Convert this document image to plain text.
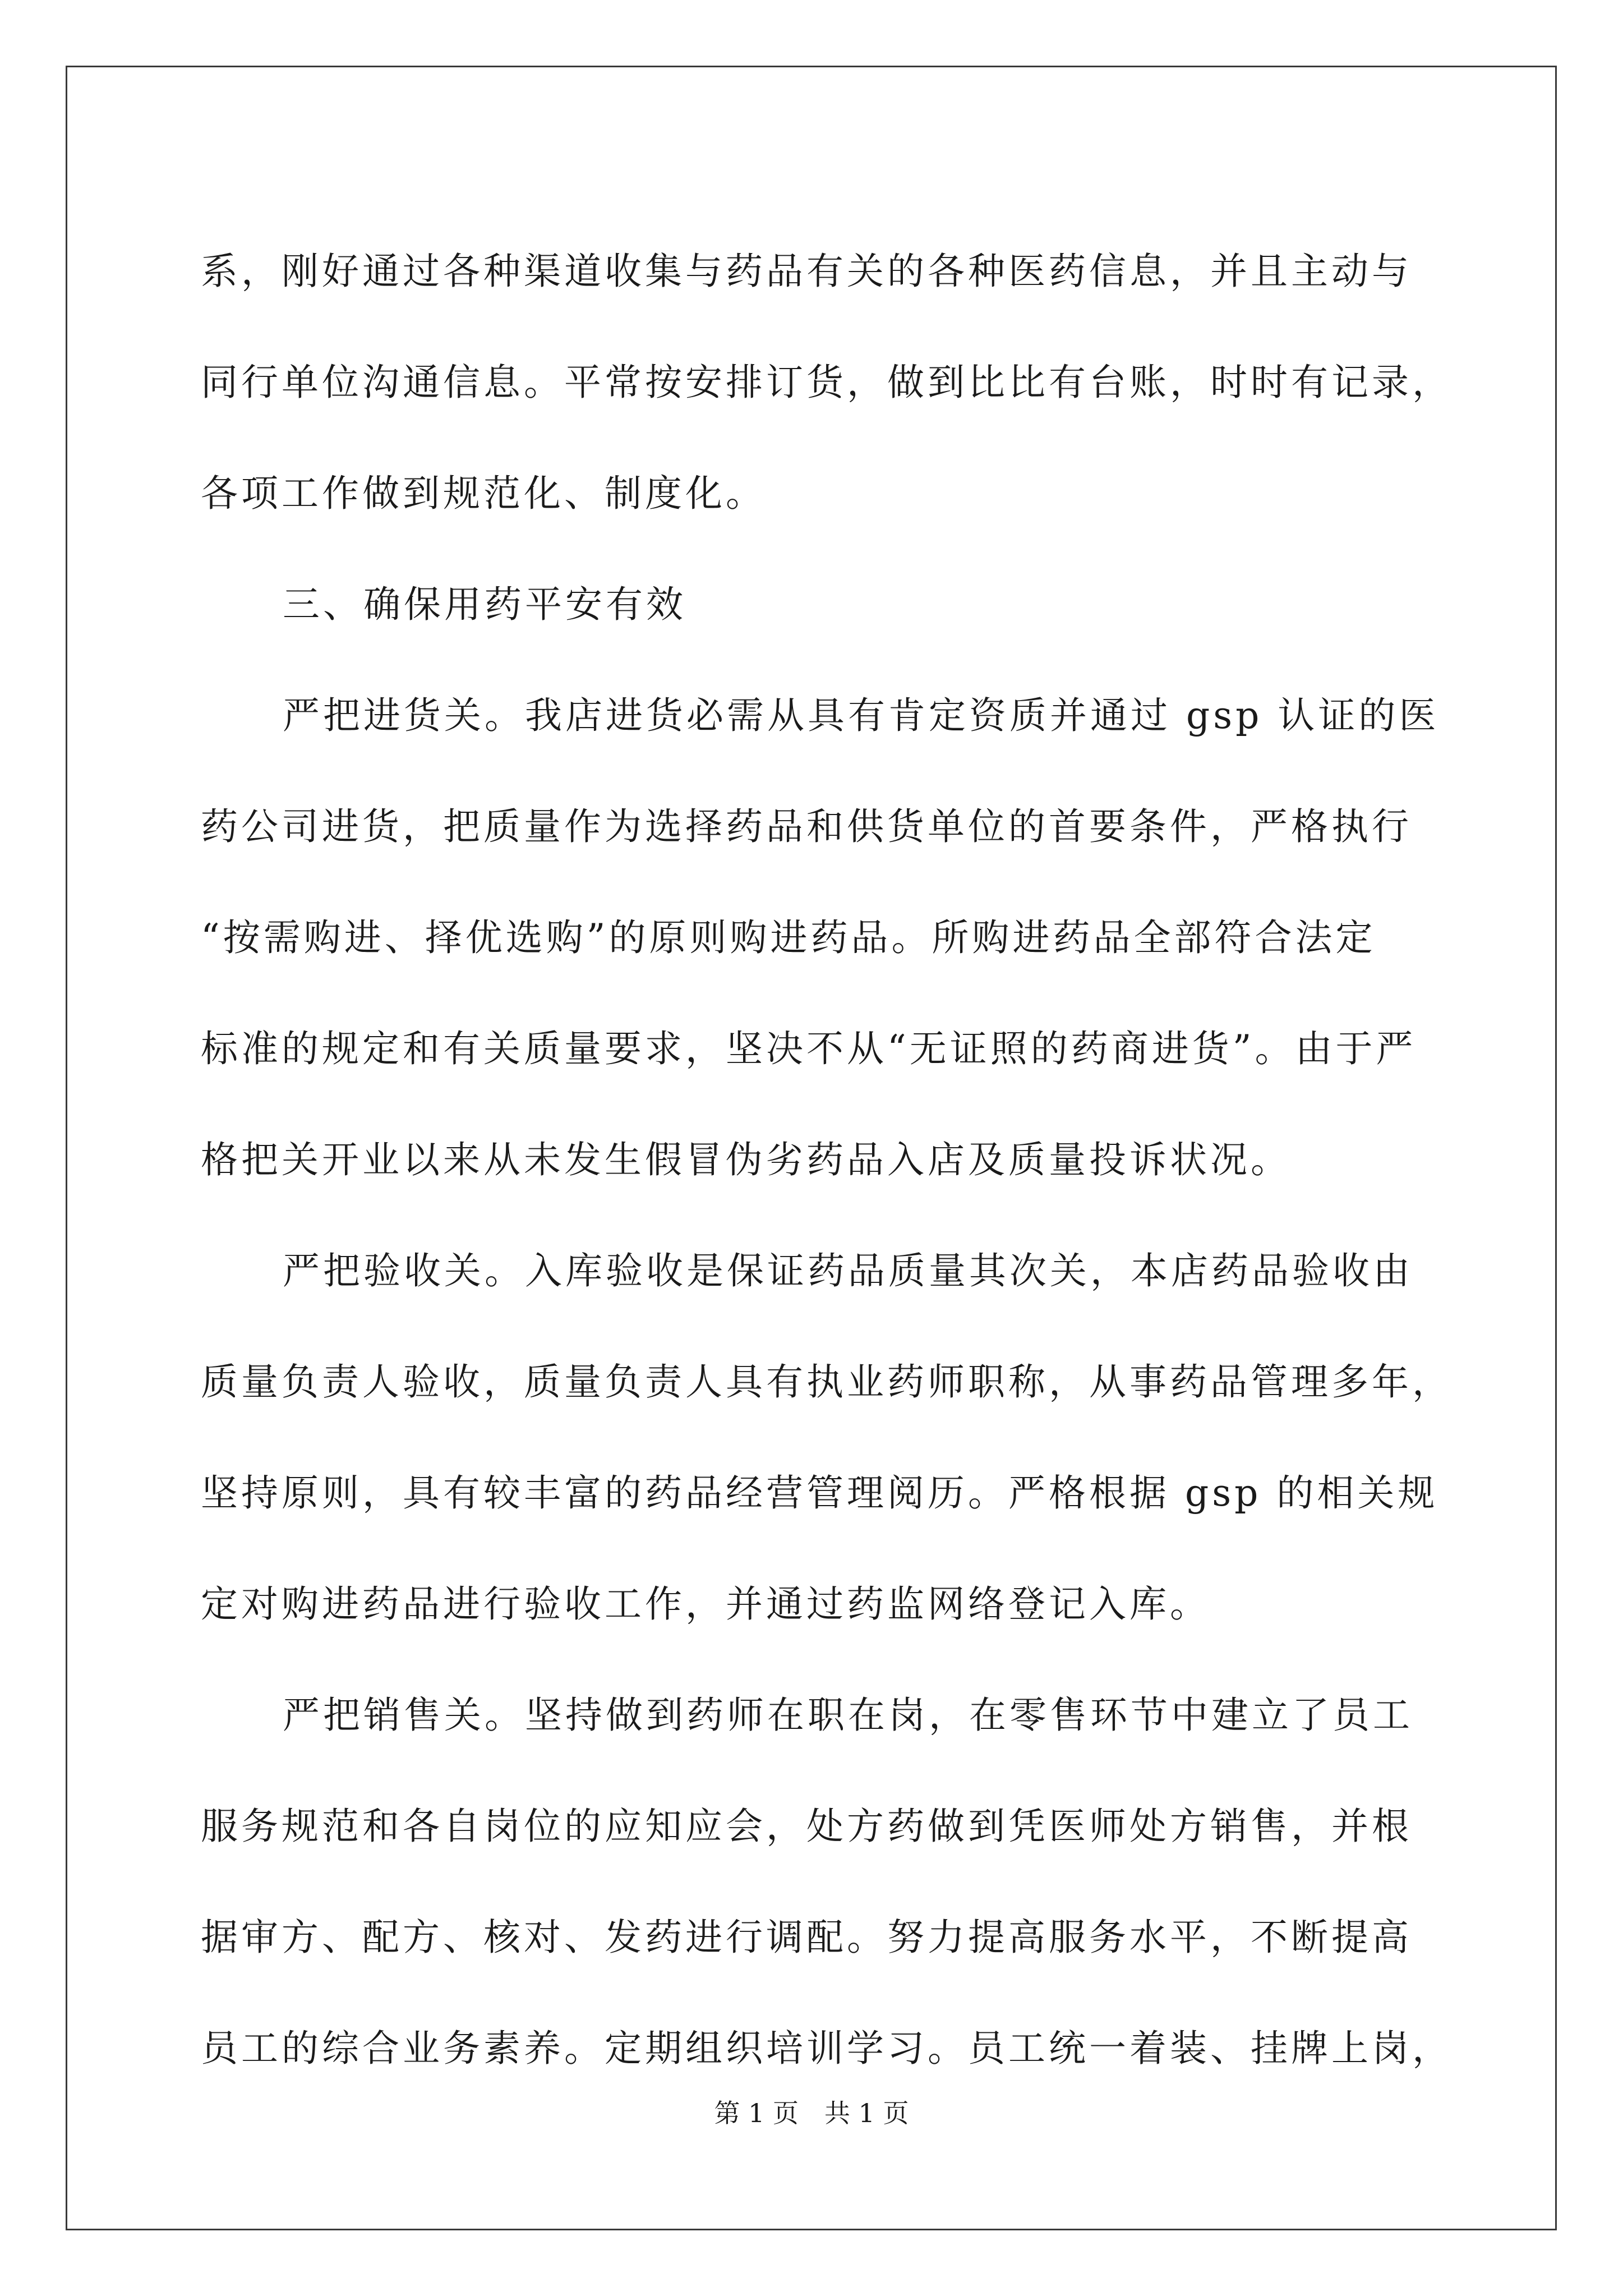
系，刚好通过各种渠道收集与药品有关的各种医药信息，并且主动与
同行单位沟通信息。平常按安排订货，做到比比有台账，时时有记录，
各项工作做到规范化、制度化。
三、确保用药平安有效
严把进货关。我店进货必需从具有肯定资质并通过 gsp 认证的医
药公司进货，把质量作为选择药品和供货单位的首要条件，严格执行
“按需购进、择优选购”的原则购进药品。所购进药品全部符合法定
标准的规定和有关质量要求，坚决不从“无证照的药商进货”。由于严
格把关开业以来从未发生假冒伪劣药品入店及质量投诉状况。
严把验收关。入库验收是保证药品质量其次关，本店药品验收由
质量负责人验收，质量负责人具有执业药师职称，从事药品管理多年，
坚持原则，具有较丰富的药品经营管理阅历。严格根据 gsp 的相关规
定对购进药品进行验收工作，并通过药监网络登记入库。
严把销售关。坚持做到药师在职在岗，在零售环节中建立了员工
服务规范和各自岗位的应知应会，处方药做到凭医师处方销售，并根
据审方、配方、核对、发药进行调配。努力提高服务水平，不断提高
员工的综合业务素养。定期组织培训学习。员工统一着装、挂牌上岗，
第 1 页　共 1 页
